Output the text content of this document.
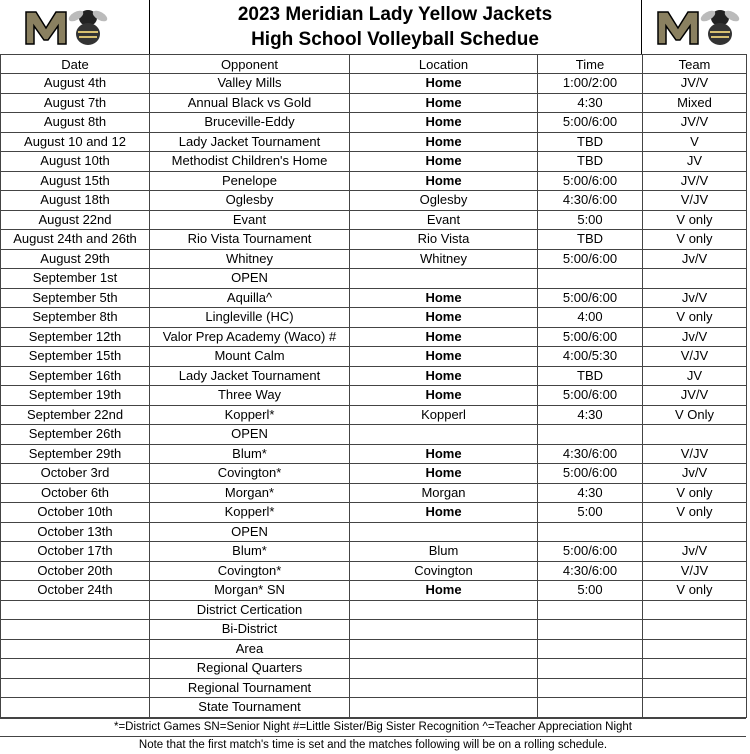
2023 Meridian Lady Yellow Jackets
High School Volleyball Schedue
Date	Opponent	Location	Time	Team
August 4th	Valley Mills	Home	1:00/2:00	JV/V
August 7th	Annual Black vs Gold	Home	4:30	Mixed
August 8th	Bruceville-Eddy	Home	5:00/6:00	JV/V
August 10 and 12	Lady Jacket Tournament	Home	TBD	V
August 10th	Methodist Children's Home	Home	TBD	JV
August 15th	Penelope	Home	5:00/6:00	JV/V
August 18th	Oglesby	Oglesby	4:30/6:00	V/JV
August 22nd	Evant	Evant	5:00	V only
August 24th and 26th	Rio Vista Tournament	Rio Vista	TBD	V only
August 29th	Whitney	Whitney	5:00/6:00	Jv/V
September 1st	OPEN			
September 5th	Aquilla^	Home	5:00/6:00	Jv/V
September 8th	Lingleville (HC)	Home	4:00	V only
September 12th	Valor Prep Academy (Waco) #	Home	5:00/6:00	Jv/V
September 15th	Mount Calm	Home	4:00/5:30	V/JV
September 16th	Lady Jacket Tournament	Home	TBD	JV
September 19th	Three Way	Home	5:00/6:00	JV/V
September 22nd	Kopperl*	Kopperl	4:30	V Only
September 26th	OPEN			
September 29th	Blum*	Home	4:30/6:00	V/JV
October 3rd	Covington*	Home	5:00/6:00	Jv/V
October 6th	Morgan*	Morgan	4:30	V only
October 10th	Kopperl*	Home	5:00	V only
October 13th	OPEN			
October 17th	Blum*	Blum	5:00/6:00	Jv/V
October 20th	Covington*	Covington	4:30/6:00	V/JV
October 24th	Morgan* SN	Home	5:00	V only
	District Certication			
	Bi-District			
	Area			
	Regional Quarters			
	Regional Tournament			
	State Tournament			
*=District Games SN=Senior Night #=Little Sister/Big Sister Recognition ^=Teacher Appreciation Night
Note that the first match's time is set and the matches following will be on a rolling schedule.
